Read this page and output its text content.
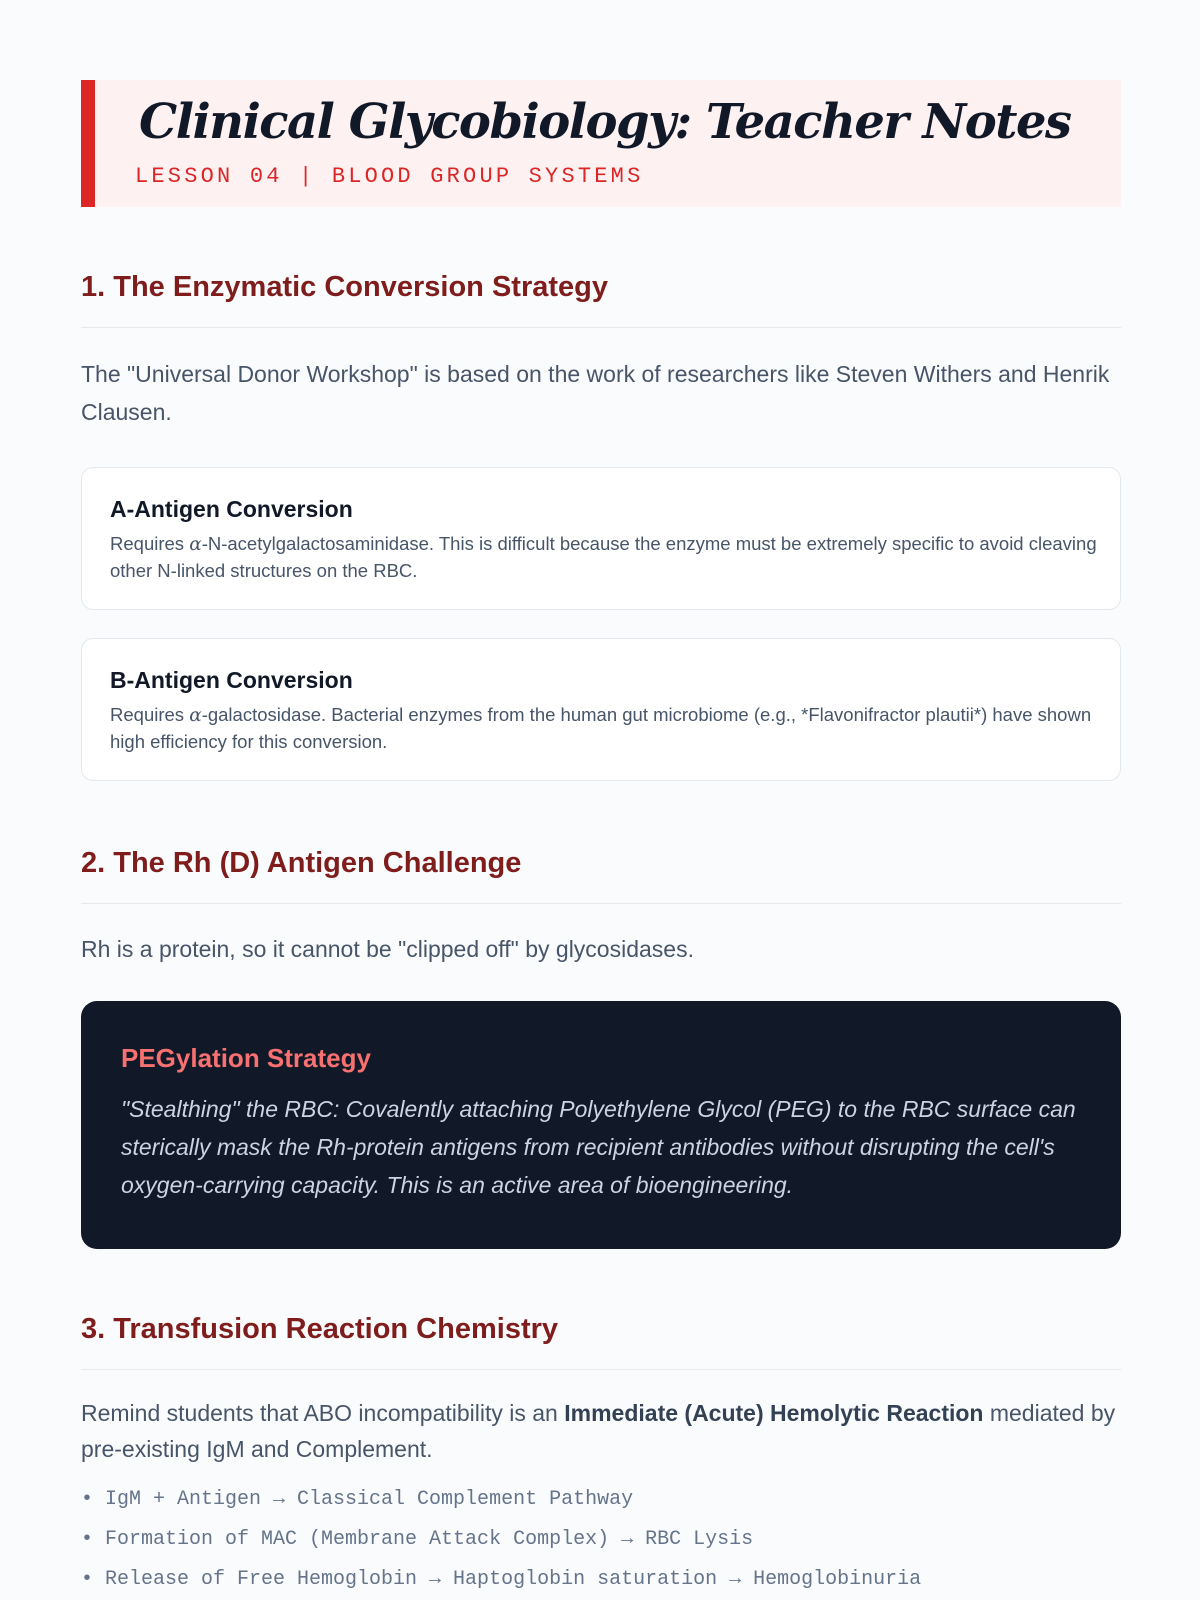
Clinical Glycobiology: Teacher Notes
LESSON 04 | BLOOD GROUP SYSTEMS
1. The Enzymatic Conversion Strategy

The "Universal Donor Workshop" is based on the work of researchers like Steven Withers and Henrik Clausen.

A-Antigen Conversion

Requires α-N-acetylgalactosaminidase. This is difficult because the enzyme must be extremely specific to avoid cleaving other N-linked structures on the RBC.

B-Antigen Conversion

Requires α-galactosidase. Bacterial enzymes from the human gut microbiome (e.g., *Flavonifractor plautii*) have shown high efficiency for this conversion.

2. The Rh (D) Antigen Challenge

Rh is a protein, so it cannot be "clipped off" by glycosidases.

PEGylation Strategy

"Stealthing" the RBC: Covalently attaching Polyethylene Glycol (PEG) to the RBC surface can sterically mask the Rh-protein antigens from recipient antibodies without disrupting the cell's oxygen-carrying capacity. This is an active area of bioengineering.

3. Transfusion Reaction Chemistry

Remind students that ABO incompatibility is an Immediate (Acute) Hemolytic Reaction mediated by pre-existing IgM and Complement.

• IgM + Antigen → Classical Complement Pathway
• Formation of MAC (Membrane Attack Complex) → RBC Lysis
• Release of Free Hemoglobin → Haptoglobin saturation → Hemoglobinuria
